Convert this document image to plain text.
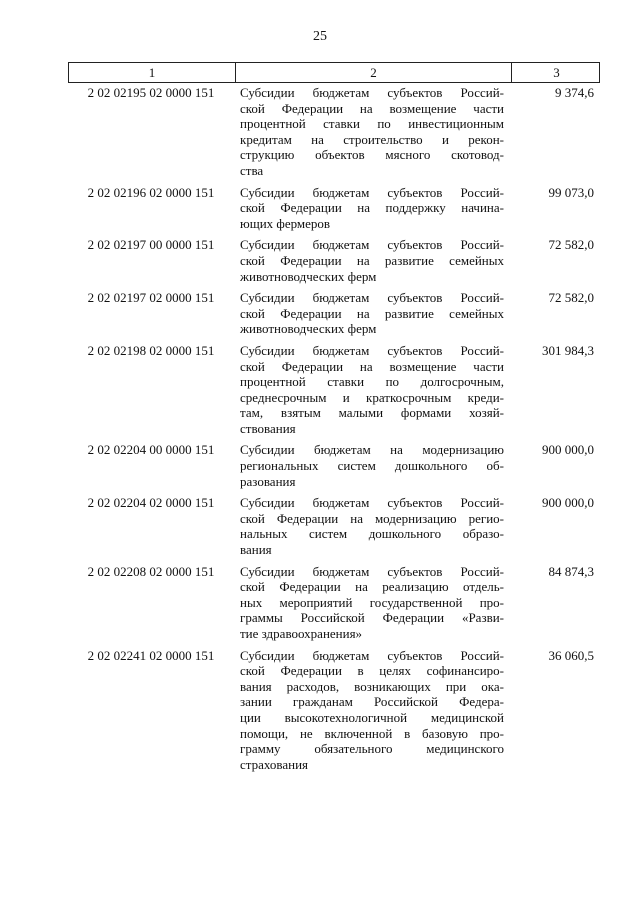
25
1	2	3
2 02 02195 02 0000 151	Субсидии бюджетам субъектов Россий-
ской Федерации на возмещение части
процентной ставки по инвестиционным
кредитам на строительство и рекон-
струкцию объектов мясного скотовод-
ства
9 374,6
2 02 02196 02 0000 151	Субсидии бюджетам субъектов Россий-
ской Федерации на поддержку начина-
ющих фермеров
99 073,0
2 02 02197 00 0000 151	Субсидии бюджетам субъектов Россий-
ской Федерации на развитие семейных
животноводческих ферм
72 582,0
2 02 02197 02 0000 151	Субсидии бюджетам субъектов Россий-
ской Федерации на развитие семейных
животноводческих ферм
72 582,0
2 02 02198 02 0000 151	Субсидии бюджетам субъектов Россий-
ской Федерации на возмещение части
процентной ставки по долгосрочным,
среднесрочным и краткосрочным креди-
там, взятым малыми формами хозяй-
ствования
301 984,3
2 02 02204 00 0000 151	Субсидии бюджетам на модернизацию
региональных систем дошкольного об-
разования
900 000,0
2 02 02204 02 0000 151	Субсидии бюджетам субъектов Россий-
ской Федерации на модернизацию регио-
нальных систем дошкольного образо-
вания
900 000,0
2 02 02208 02 0000 151	Субсидии бюджетам субъектов Россий-
ской Федерации на реализацию отдель-
ных мероприятий государственной про-
граммы Российской Федерации «Разви-
тие здравоохранения»
84 874,3
2 02 02241 02 0000 151	Субсидии бюджетам субъектов Россий-
ской Федерации в целях софинансиро-
вания расходов, возникающих при ока-
зании гражданам Российской Федера-
ции высокотехнологичной медицинской
помощи, не включенной в базовую про-
грамму обязательного медицинского
страхования
36 060,5
